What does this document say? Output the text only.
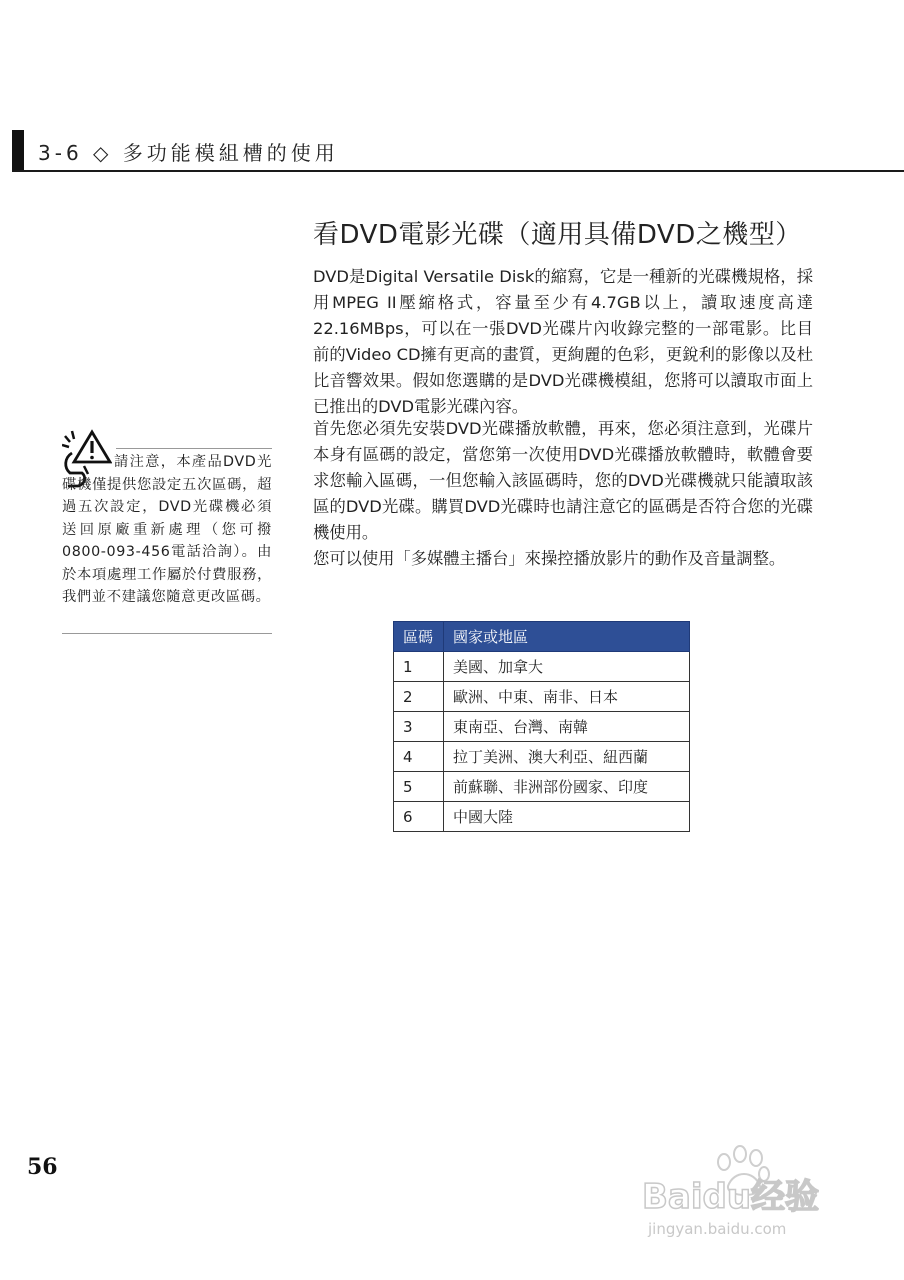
3-6 ◇ 多功能模組槽的使用
看DVD電影光碟（適用具備DVD之機型）

DVD是Digital Versatile Disk的縮寫，它是一種新的光碟機規格，採用MPEG II壓縮格式，容量至少有4.7GB以上，讀取速度高達22.16MBps，可以在一張DVD光碟片內收錄完整的一部電影。比目前的Video CD擁有更高的畫質，更絢麗的色彩，更銳利的影像以及杜比音響效果。假如您選購的是DVD光碟機模組，您將可以讀取市面上已推出的DVD電影光碟內容。

首先您必須先安裝DVD光碟播放軟體，再來，您必須注意到，光碟片本身有區碼的設定，當您第一次使用DVD光碟播放軟體時，軟體會要求您輸入區碼，一但您輸入該區碼時，您的DVD光碟機就只能讀取該區的DVD光碟。購買DVD光碟時也請注意它的區碼是否符合您的光碟機使用。

您可以使用「多媒體主播台」來操控播放影片的動作及音量調整。

請注意，本產品DVD光碟機僅提供您設定五次區碼，超過五次設定，DVD光碟機必須送回原廠重新處理（您可撥0800-093-456電話洽詢）。由於本項處理工作屬於付費服務，我們並不建議您隨意更改區碼。

區碼	國家或地區
1	美國、加拿大
2	歐洲、中東、南非、日本
3	東南亞、台灣、南韓
4	拉丁美洲、澳大利亞、紐西蘭
5	前蘇聯、非洲部份國家、印度
6	中國大陸
56
Baidu经验
jingyan.baidu.com
